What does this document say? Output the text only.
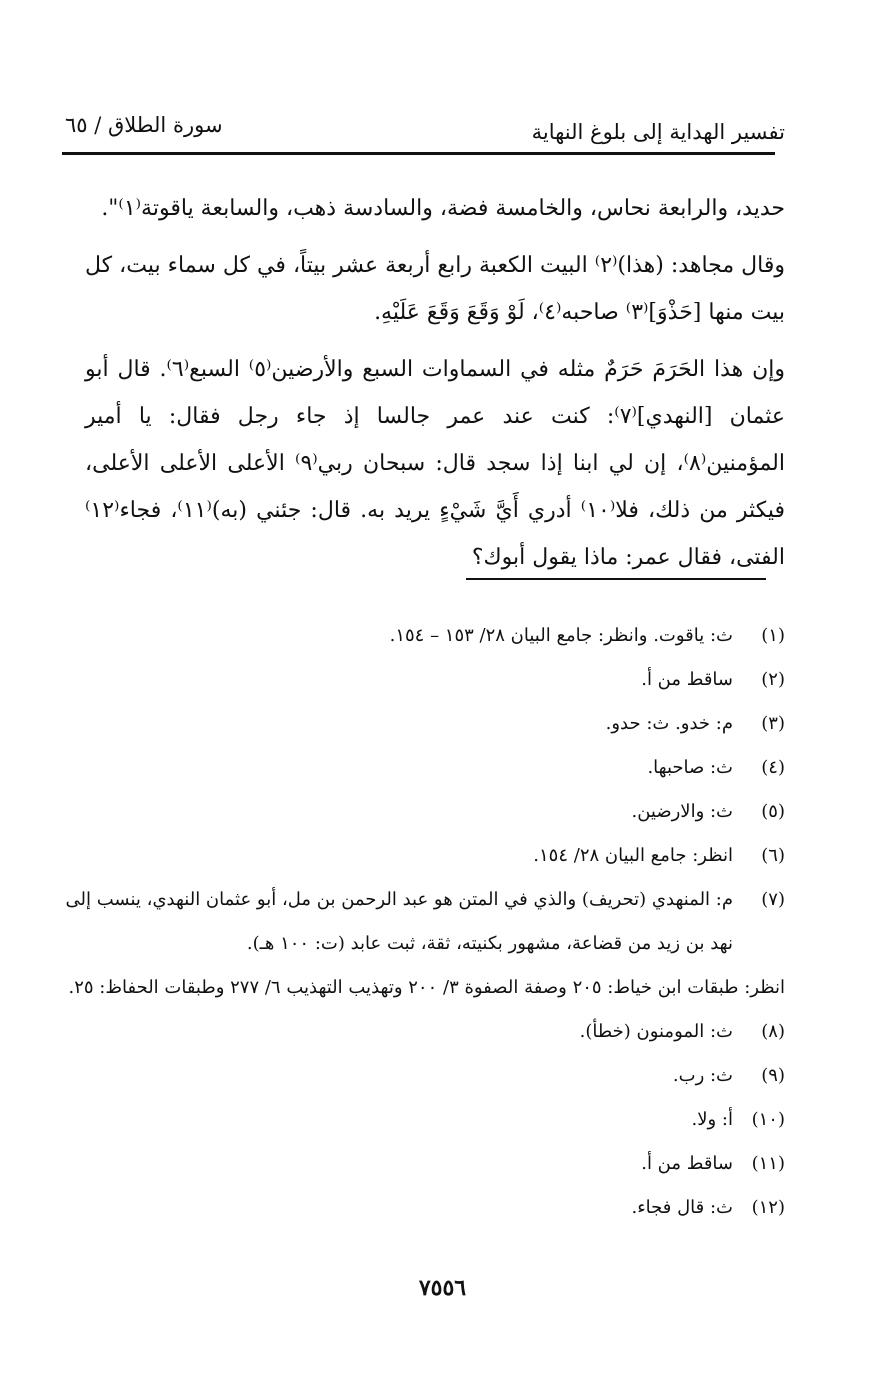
تفسير الهداية إلى بلوغ النهاية
سورة الطلاق / ٦٥

حديد، والرابعة نحاس، والخامسة فضة، والسادسة ذهب، والسابعة ياقوتة⁽١⁾".

وقال مجاهد: (هذا)⁽٢⁾ البيت الكعبة رابع أربعة عشر بيتاً، في كل سماء بيت، كل بيت منها [حَذْوَ]⁽٣⁾ صاحبه⁽٤⁾، لَوْ وَقَعَ وَقَعَ عَلَيْهِ.

وإن هذا الحَرَمَ حَرَمٌ مثله في السماوات السبع والأرضين⁽٥⁾ السبع⁽٦⁾. قال أبو عثمان [النهدي]⁽٧⁾: كنت عند عمر جالسا إذ جاء رجل فقال: يا أمير المؤمنين⁽٨⁾، إن لي ابنا إذا سجد قال: سبحان ربي⁽٩⁾ الأعلى الأعلى الأعلى، فيكثر من ذلك، فلا⁽١٠⁾ أدري أَيَّ شَيْءٍ يريد به. قال: جئني (به)⁽١١⁾، فجاء⁽١٢⁾ الفتى، فقال عمر: ماذا يقول أبوك؟

(١)
ث: ياقوت. وانظر: جامع البيان ٢٨/ ١٥٣ – ١٥٤.
(٢)
ساقط من أ.
(٣)
م: خدو. ث: حدو.
(٤)
ث: صاحبها.
(٥)
ث: والارضين.
(٦)
انظر: جامع البيان ٢٨/ ١٥٤.
(٧)
م: المنهدي (تحريف) والذي في المتن هو عبد الرحمن بن مل، أبو عثمان النهدي، ينسب إلى نهد بن زيد من قضاعة، مشهور بكنيته، ثقة، ثبت عابد (ت: ١٠٠ هـ).
انظر: طبقات ابن خياط: ٢٠٥ وصفة الصفوة ٣/ ٢٠٠ وتهذيب التهذيب ٦/ ٢٧٧ وطبقات الحفاظ: ٢٥.
(٨)
ث: المومنون (خطأ).
(٩)
ث: رب.
(١٠)
أ: ولا.
(١١)
ساقط من أ.
(١٢)
ث: قال فجاء.
٧٥٥٦
